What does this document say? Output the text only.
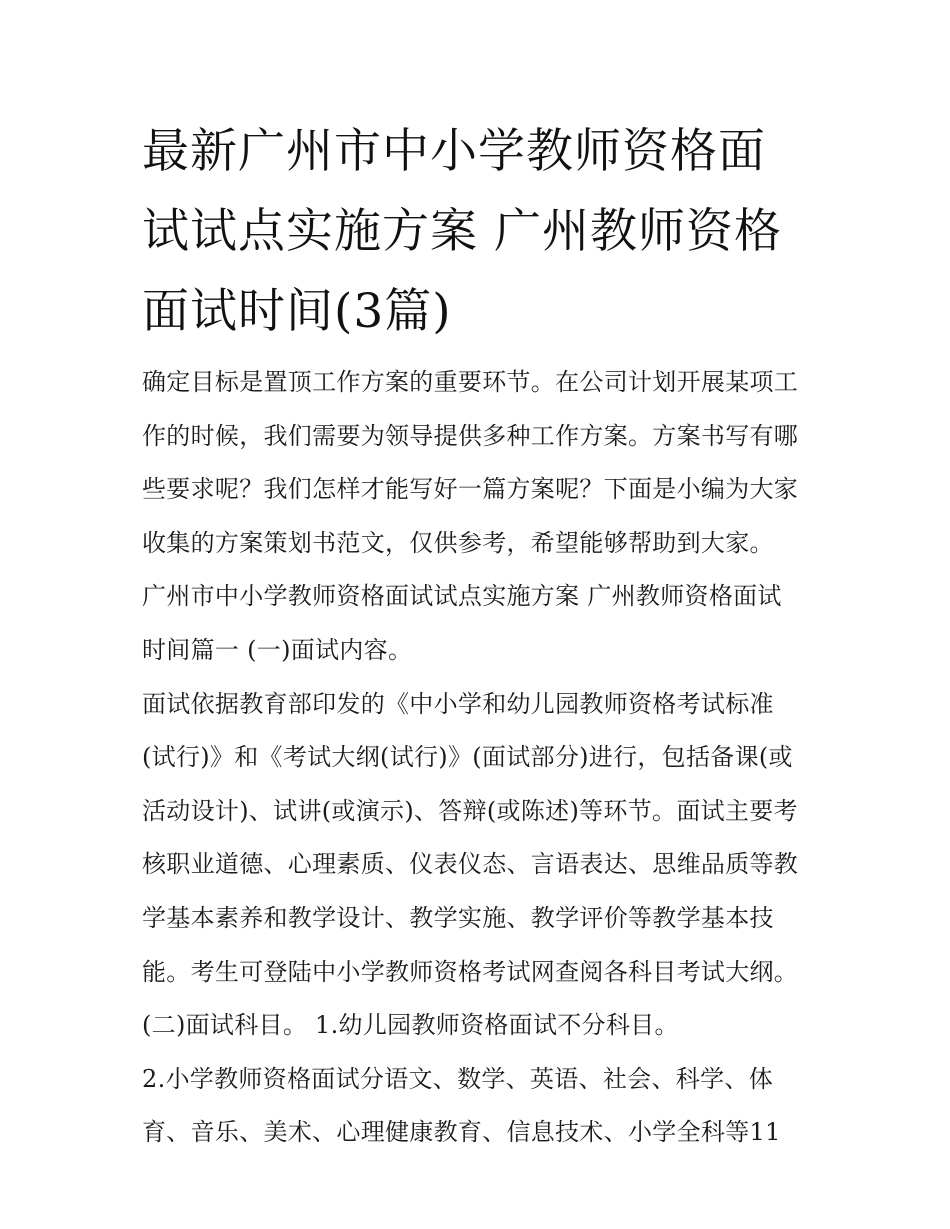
最新广州市中小学教师资格面
试试点实施方案 广州教师资格
面试时间(3篇)
确定目标是置顶工作方案的重要环节。在公司计划开展某项工
作的时候，我们需要为领导提供多种工作方案。方案书写有哪
些要求呢？我们怎样才能写好一篇方案呢？下面是小编为大家
收集的方案策划书范文，仅供参考，希望能够帮助到大家。
广州市中小学教师资格面试试点实施方案 广州教师资格面试
时间篇一 (一)面试内容。
面试依据教育部印发的《中小学和幼儿园教师资格考试标准
(试行)》和《考试大纲(试行)》(面试部分)进行，包括备课(或
活动设计)、试讲(或演示)、答辩(或陈述)等环节。面试主要考
核职业道德、心理素质、仪表仪态、言语表达、思维品质等教
学基本素养和教学设计、教学实施、教学评价等教学基本技
能。考生可登陆中小学教师资格考试网查阅各科目考试大纲。
(二)面试科目。 1.幼儿园教师资格面试不分科目。
2.小学教师资格面试分语文、数学、英语、社会、科学、体
育、音乐、美术、心理健康教育、信息技术、小学全科等11
